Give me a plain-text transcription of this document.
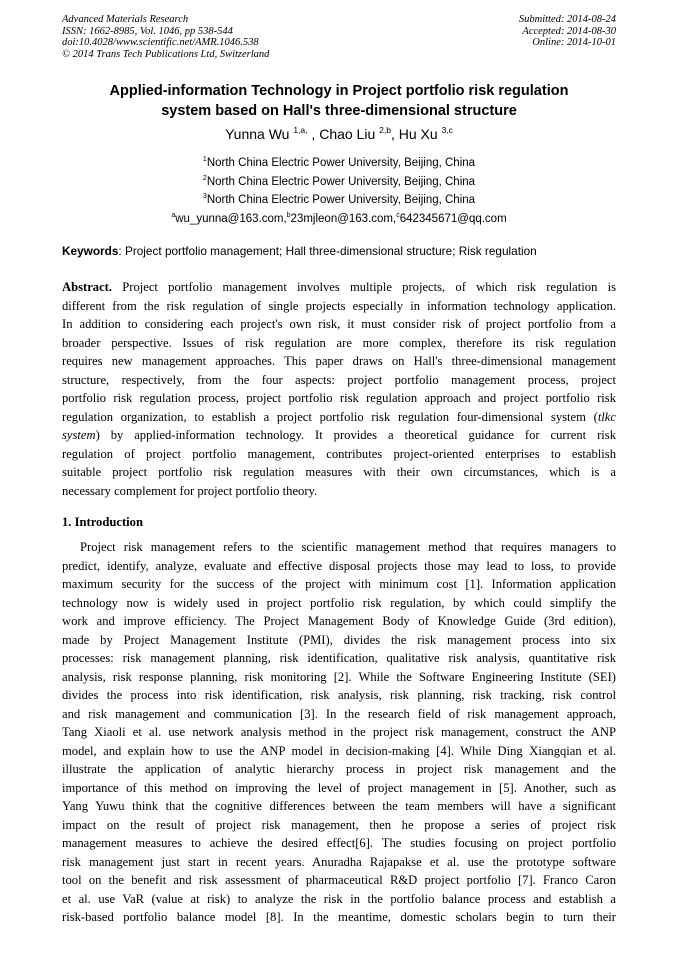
Advanced Materials Research
ISSN: 1662-8985, Vol. 1046, pp 538-544
doi:10.4028/www.scientific.net/AMR.1046.538
© 2014 Trans Tech Publications Ltd, Switzerland
Submitted: 2014-08-24
Accepted: 2014-08-30
Online: 2014-10-01
Applied-information Technology in Project portfolio risk regulation
system based on Hall's three-dimensional structure
Yunna Wu $^{1,a,}$ , Chao Liu $^{2,b}$, Hu Xu $^{3,c}$
$^1$North China Electric Power University, Beijing, China
$^2$North China Electric Power University, Beijing, China
$^3$North China Electric Power University, Beijing, China
$^a$wu_yunna@163.com,$^b$23mjleon@163.com,$^c$642345671@qq.com
Keywords: Project portfolio management; Hall three-dimensional structure; Risk regulation
Abstract. Project portfolio management involves multiple projects, of which risk regulation is
different from the risk regulation of single projects especially in information technology application.
In addition to considering each project's own risk, it must consider risk of project portfolio from a
broader perspective. Issues of risk regulation are more complex, therefore its risk regulation
requires new management approaches. This paper draws on Hall's three-dimensional management
structure, respectively, from the four aspects: project portfolio management process, project
portfolio risk regulation process, project portfolio risk regulation approach and project portfolio risk
regulation organization, to establish a project portfolio risk regulation four-dimensional system (tlkc
system) by applied-information technology. It provides a theoretical guidance for current risk
regulation of project portfolio management, contributes project-oriented enterprises to establish
suitable project portfolio risk regulation measures with their own circumstances, which is a
necessary complement for project portfolio theory.
1. Introduction
Project risk management refers to the scientific management method that requires managers to
predict, identify, analyze, evaluate and effective disposal projects those may lead to loss, to provide
maximum security for the success of the project with minimum cost [1]. Information application
technology now is widely used in project portfolio risk regulation, by which could simplify the
work and improve efficiency. The Project Management Body of Knowledge Guide (3rd edition),
made by Project Management Institute (PMI), divides the risk management process into six
processes: risk management planning, risk identification, qualitative risk analysis, quantitative risk
analysis, risk response planning, risk monitoring [2]. While the Software Engineering Institute (SEI)
divides the process into risk identification, risk analysis, risk planning, risk tracking, risk control
and risk management and communication [3]. In the research field of risk management approach,
Tang Xiaoli et al. use network analysis method in the project risk management, construct the ANP
model, and explain how to use the ANP model in decision-making [4]. While Ding Xiangqian et al.
illustrate the application of analytic hierarchy process in project risk management and the
importance of this method on improving the level of project management in [5]. Another, such as
Yang Yuwu think that the cognitive differences between the team members will have a significant
impact on the result of project risk management, then he propose a series of project risk
management measures to achieve the desired effect[6]. The studies focusing on project portfolio
risk management just start in recent years. Anuradha Rajapakse et al. use the prototype software
tool on the benefit and risk assessment of pharmaceutical R&D project portfolio [7]. Franco Caron
et al. use VaR (value at risk) to analyze the risk in the portfolio balance process and establish a
risk-based portfolio balance model [8]. In the meantime, domestic scholars begin to turn their
